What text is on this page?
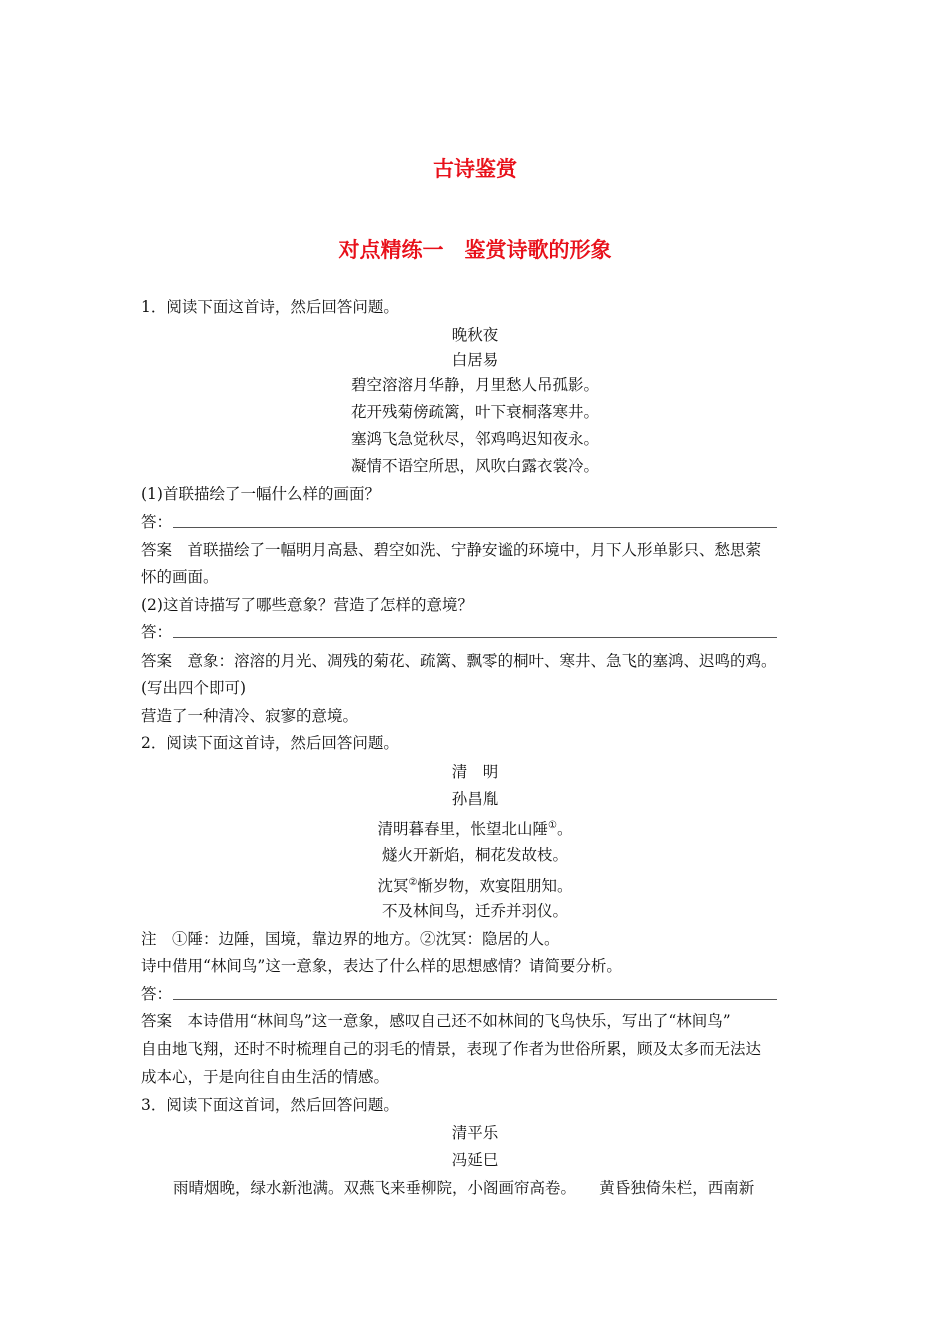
古诗鉴赏
对点精练一　鉴赏诗歌的形象
1．阅读下面这首诗，然后回答问题。
晚秋夜
白居易
碧空溶溶月华静，月里愁人吊孤影。
花开残菊傍疏篱，叶下衰桐落寒井。
塞鸿飞急觉秋尽，邻鸡鸣迟知夜永。
凝情不语空所思，风吹白露衣裳冷。
(1)首联描绘了一幅什么样的画面？
答：
答案　首联描绘了一幅明月高悬、碧空如洗、宁静安谧的环境中，月下人形单影只、愁思萦
怀的画面。
(2)这首诗描写了哪些意象？营造了怎样的意境？
答：
答案　意象：溶溶的月光、凋残的菊花、疏篱、飘零的桐叶、寒井、急飞的塞鸿、迟鸣的鸡。
(写出四个即可)
营造了一种清冷、寂寥的意境。
2．阅读下面这首诗，然后回答问题。
清　明
孙昌胤
清明暮春里，怅望北山陲①。
燧火开新焰，桐花发故枝。
沈冥②惭岁物，欢宴阻朋知。
不及林间鸟，迁乔并羽仪。
注　①陲：边陲，国境，靠边界的地方。②沈冥：隐居的人。
诗中借用“林间鸟”这一意象，表达了什么样的思想感情？请简要分析。
答：
答案　本诗借用“林间鸟”这一意象，感叹自己还不如林间的飞鸟快乐，写出了“林间鸟”
自由地飞翔，还时不时梳理自己的羽毛的情景，表现了作者为世俗所累，顾及太多而无法达
成本心，于是向往自由生活的情感。
3．阅读下面这首词，然后回答问题。
清平乐
冯延巳
雨晴烟晚，绿水新池满。双燕飞来垂柳院，小阁画帘高卷。　　黄昏独倚朱栏，西南新
